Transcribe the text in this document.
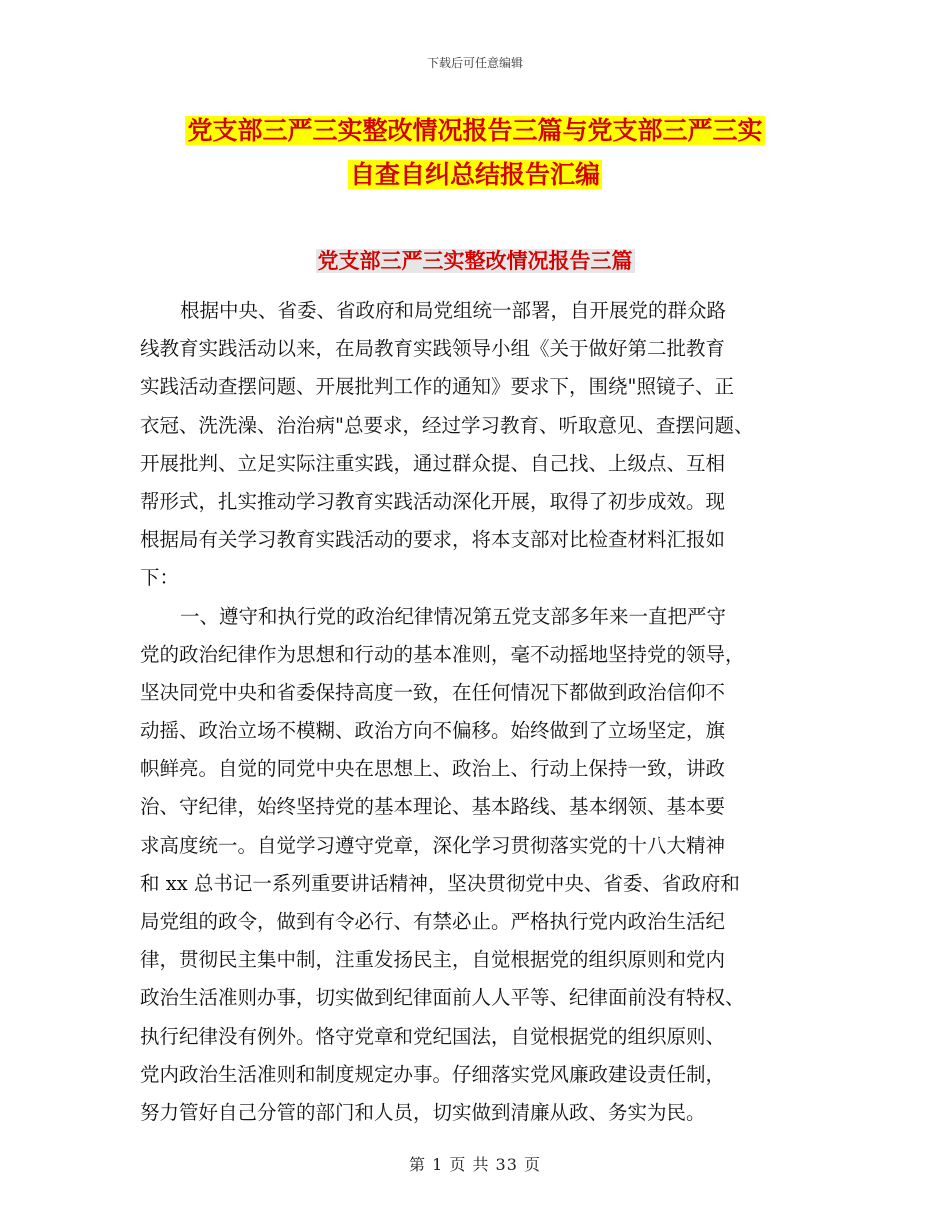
下载后可任意编辑
党支部三严三实整改情况报告三篇与党支部三严三实
自查自纠总结报告汇编
党支部三严三实整改情况报告三篇
根据中央、省委、省政府和局党组统一部署，自开展党的群众路
线教育实践活动以来，在局教育实践领导小组《关于做好第二批教育
实践活动查摆问题、开展批判工作的通知》要求下，围绕"照镜子、正
衣冠、洗洗澡、治治病"总要求，经过学习教育、听取意见、查摆问题、
开展批判、立足实际注重实践，通过群众提、自己找、上级点、互相
帮形式，扎实推动学习教育实践活动深化开展，取得了初步成效。现
根据局有关学习教育实践活动的要求，将本支部对比检查材料汇报如
下：
一、遵守和执行党的政治纪律情况第五党支部多年来一直把严守
党的政治纪律作为思想和行动的基本准则，毫不动摇地坚持党的领导，
坚决同党中央和省委保持高度一致，在任何情况下都做到政治信仰不
动摇、政治立场不模糊、政治方向不偏移。始终做到了立场坚定，旗
帜鲜亮。自觉的同党中央在思想上、政治上、行动上保持一致，讲政
治、守纪律，始终坚持党的基本理论、基本路线、基本纲领、基本要
求高度统一。自觉学习遵守党章，深化学习贯彻落实党的十八大精神
和 xx 总书记一系列重要讲话精神，坚决贯彻党中央、省委、省政府和
局党组的政令，做到有令必行、有禁必止。严格执行党内政治生活纪
律，贯彻民主集中制，注重发扬民主，自觉根据党的组织原则和党内
政治生活准则办事，切实做到纪律面前人人平等、纪律面前没有特权、
执行纪律没有例外。恪守党章和党纪国法，自觉根据党的组织原则、
党内政治生活准则和制度规定办事。仔细落实党风廉政建设责任制，
努力管好自己分管的部门和人员，切实做到清廉从政、务实为民。
第 1 页 共 33 页
